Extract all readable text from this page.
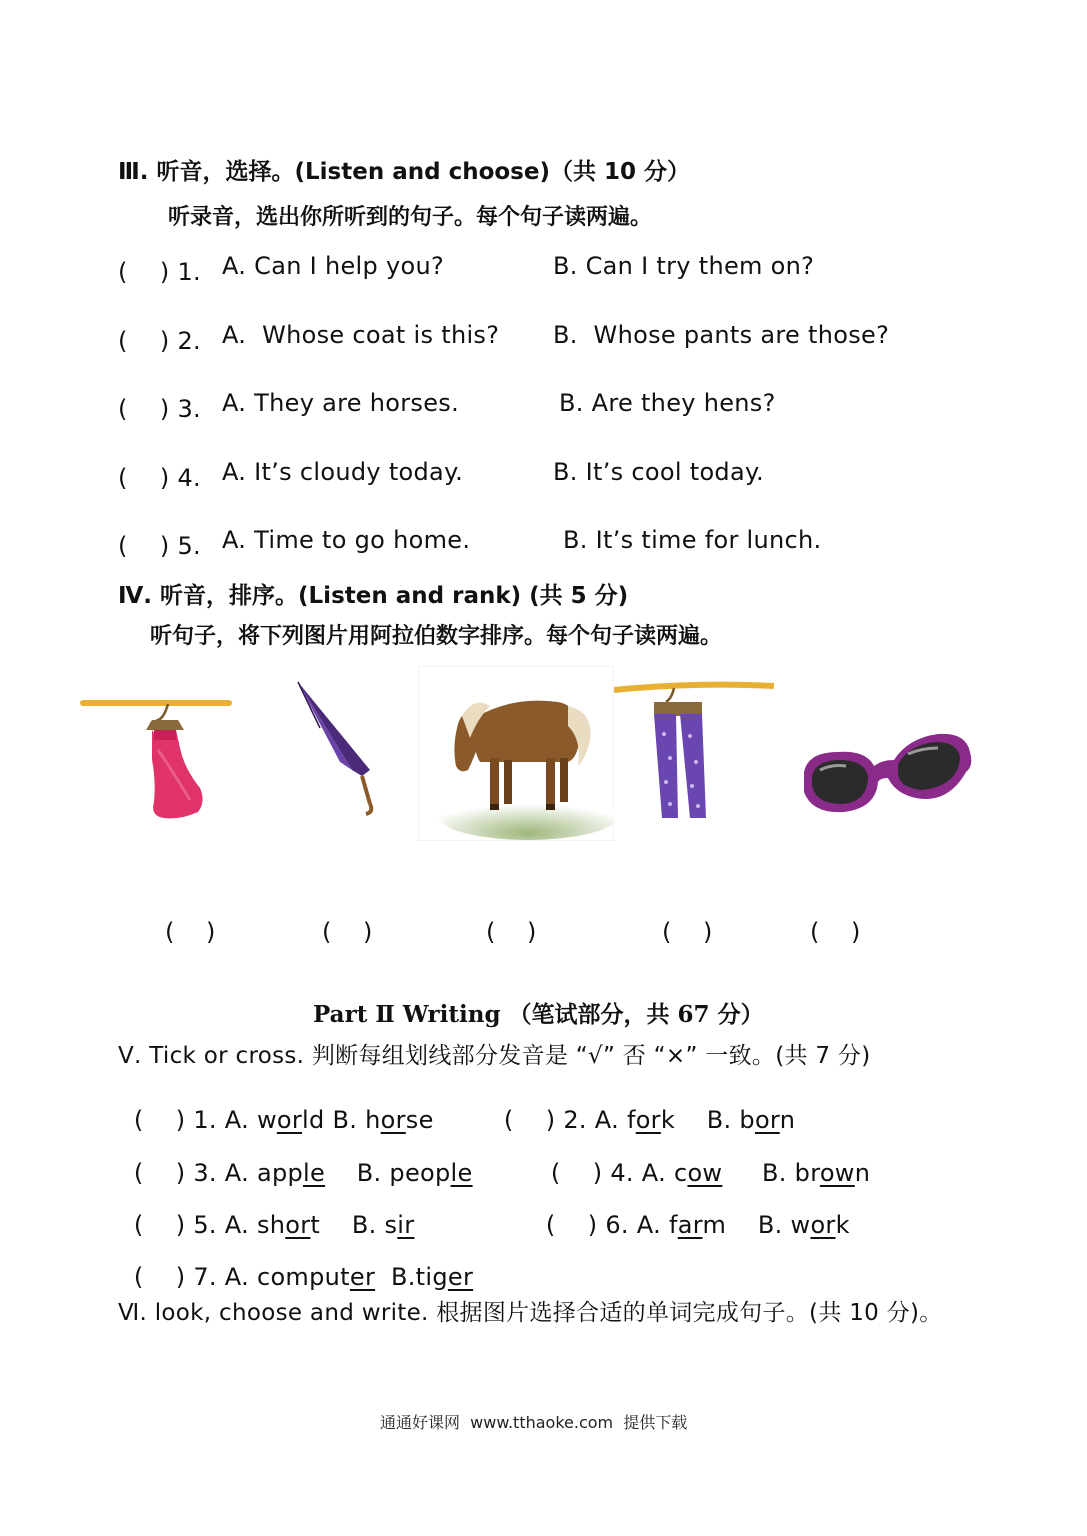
Ⅲ. 听音，选择。(Listen and choose)（共 10 分）
听录音，选出你所听到的句子。每个句子读两遍。
(　 ) 1. A. Can I help you?	B. Can I try them on?
(　 ) 2. A.  Whose coat is this? B.  Whose pants are those?
(　 ) 3. A. They are horses.	B. Are they hens?
(　 ) 4. A. It’s cloudy today.	B. It’s cool today.
(　 ) 5. A. Time to go home.	B. It’s time for lunch.
Ⅳ. 听音，排序。(Listen and rank) (共 5 分)
听句子，将下列图片用阿拉伯数字排序。每个句子读两遍。
(　 )	(　 )	(　 )	(　 )	(　 )
Part Ⅱ Writing （笔试部分，共 67 分）
Ⅴ. Tick or cross. 判断每组划线部分发音是 “√” 否 “×” 一致。(共 7 分)

(　 ) 1. A. world B. horse	(　 ) 2. A. fork B. born

(　 ) 3. A. apple B. people	(　 ) 4. A. cow B. brown

(　 ) 5. A. short B. sir	(　 ) 6. A. farm B. work

(　 ) 7. A. computer B.tiger

Ⅵ. look, choose and write. 根据图片选择合适的单词完成句子。(共 10 分)。
通通好课网  www.tthaoke.com  提供下载
